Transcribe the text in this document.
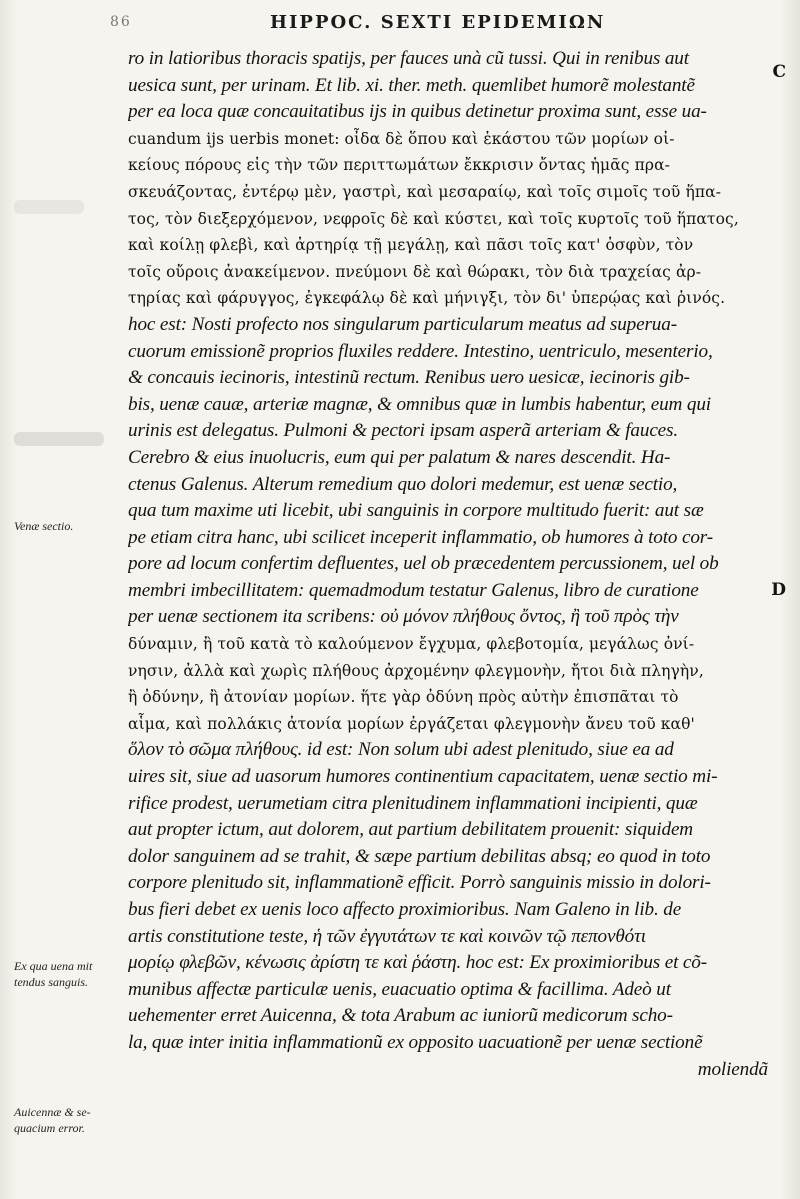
86	HIPPOC. SEXTI EPIDEMIΩN
C
D
Venæ sectio.
Ex qua uena mit
tendus sanguis.
Auicennæ & se-
quacium error.
ro in latioribus thoracis spatijs, per fauces unà cũ tussi. Qui in renibus aut
uesica sunt, per urinam. Et lib. xi. ther. meth. quemlibet humorẽ molestantẽ
per ea loca quæ concauitatibus ijs in quibus detinetur proxima sunt, esse ua-
cuandum ijs uerbis monet: οἶδα δὲ ὅπου καὶ ἑκάστου τῶν μορίων οἰ-
κείους πόρους εἰς τὴν τῶν περιττωμάτων ἔκκρισιν ὄντας ἡμᾶς πρα-
σκευάζοντας, ἐντέρῳ μὲν, γαστρὶ, καὶ μεσαραίῳ, καὶ τοῖς σιμοῖς τοῦ ἥπα-
τος, τὸν διεξερχόμενον, νεφροῖς δὲ καὶ κύστει, καὶ τοῖς κυρτοῖς τοῦ ἥπατος,
καὶ κοίλῃ φλεβὶ, καὶ ἀρτηρίᾳ τῇ μεγάλῃ, καὶ πᾶσι τοῖς κατ' ὀσφὺν, τὸν
τοῖς οὔροις ἀνακείμενον. πνεύμονι δὲ καὶ θώρακι, τὸν διὰ τραχείας ἀρ-
τηρίας καὶ φάρυγγος, ἐγκεφάλῳ δὲ καὶ μήνιγξι, τὸν δι' ὑπερῴας καὶ ῥινός.
hoc est: Nosti profecto nos singularum particularum meatus ad superua-
cuorum emissionẽ proprios fluxiles reddere. Intestino, uentriculo, mesenterio,
& concauis iecinoris, intestinũ rectum. Renibus uero uesicæ, iecinoris gib-
bis, uenæ cauæ, arteriæ magnæ, & omnibus quæ in lumbis habentur, eum qui
urinis est delegatus. Pulmoni & pectori ipsam asperã arteriam & fauces.
Cerebro & eius inuolucris, eum qui per palatum & nares descendit. Ha-
ctenus Galenus. Alterum remedium quo dolori medemur, est uenæ sectio,
qua tum maxime uti licebit, ubi sanguinis in corpore multitudo fuerit: aut sæ
pe etiam citra hanc, ubi scilicet inceperit inflammatio, ob humores à toto cor-
pore ad locum confertim defluentes, uel ob præcedentem percussionem, uel ob
membri imbecillitatem: quemadmodum testatur Galenus, libro de curatione
per uenæ sectionem ita scribens: οὐ μόνον πλήθους ὄντος, ἢ τοῦ πρὸς τὴν
δύναμιν, ἢ τοῦ κατὰ τὸ καλούμενον ἔγχυμα, φλεβοτομία, μεγάλως ὀνί-
νησιν, ἀλλὰ καὶ χωρὶς πλήθους ἀρχομένην φλεγμονὴν, ἤτοι διὰ πληγὴν,
ἢ ὀδύνην, ἢ ἀτονίαν μορίων. ἥτε γὰρ ὀδύνη πρὸς αὐτὴν ἐπισπᾶται τὸ
αἷμα, καὶ πολλάκις ἀτονία μορίων ἐργάζεται φλεγμονὴν ἄνευ τοῦ καθ'
ὅλον τὸ σῶμα πλήθους. id est: Non solum ubi adest plenitudo, siue ea ad
uires sit, siue ad uasorum humores continentium capacitatem, uenæ sectio mi-
rifice prodest, uerumetiam citra plenitudinem inflammationi incipienti, quæ
aut propter ictum, aut dolorem, aut partium debilitatem prouenit: siquidem
dolor sanguinem ad se trahit, & sæpe partium debilitas absq; eo quod in toto
corpore plenitudo sit, inflammationẽ efficit. Porrò sanguinis missio in dolori-
bus fieri debet ex uenis loco affecto proximioribus. Nam Galeno in lib. de
artis constitutione teste, ἡ τῶν ἐγγυτάτων τε καὶ κοινῶν τῷ πεπονθότι
μορίῳ φλεβῶν, κένωσις ἀρίστη τε καὶ ῥάστη. hoc est: Ex proximioribus et cõ-
munibus affectæ particulæ uenis, euacuatio optima & facillima. Adeò ut
uehementer erret Auicenna, & tota Arabum ac iuniorũ medicorum schο-
la, quæ inter initia inflammationũ ex opposito uacuationẽ per uenæ sectionẽ
moliendã
